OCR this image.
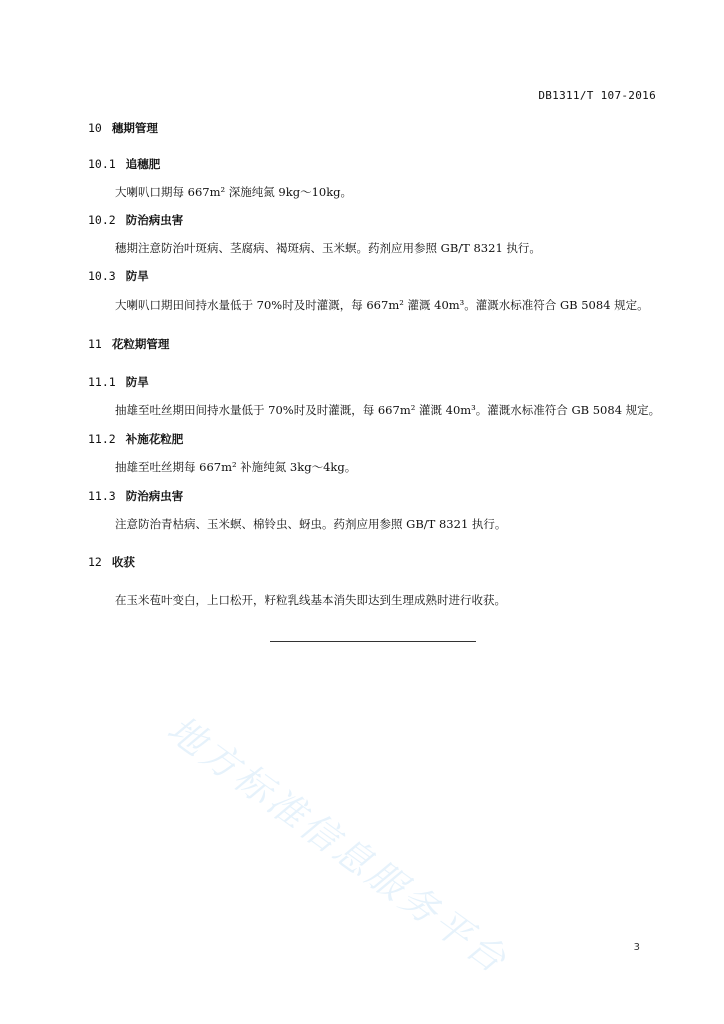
DB1311/T 107-2016
10 穗期管理
10.1 追穗肥
大喇叭口期每 667m² 深施纯氮 9kg～10kg。
10.2 防治病虫害
穗期注意防治叶斑病、茎腐病、褐斑病、玉米螟。药剂应用参照 GB/T 8321 执行。
10.3 防旱
大喇叭口期田间持水量低于 70%时及时灌溉，每 667m² 灌溉 40m³。灌溉水标准符合 GB 5084 规定。
11 花粒期管理
11.1 防旱
抽雄至吐丝期田间持水量低于 70%时及时灌溉，每 667m² 灌溉 40m³。灌溉水标准符合 GB 5084 规定。
11.2 补施花粒肥
抽雄至吐丝期每 667m² 补施纯氮 3kg～4kg。
11.3 防治病虫害
注意防治青枯病、玉米螟、棉铃虫、蚜虫。药剂应用参照 GB/T 8321 执行。
12 收获
在玉米苞叶变白，上口松开，籽粒乳线基本消失即达到生理成熟时进行收获。
地方标准信息服务平台	3
